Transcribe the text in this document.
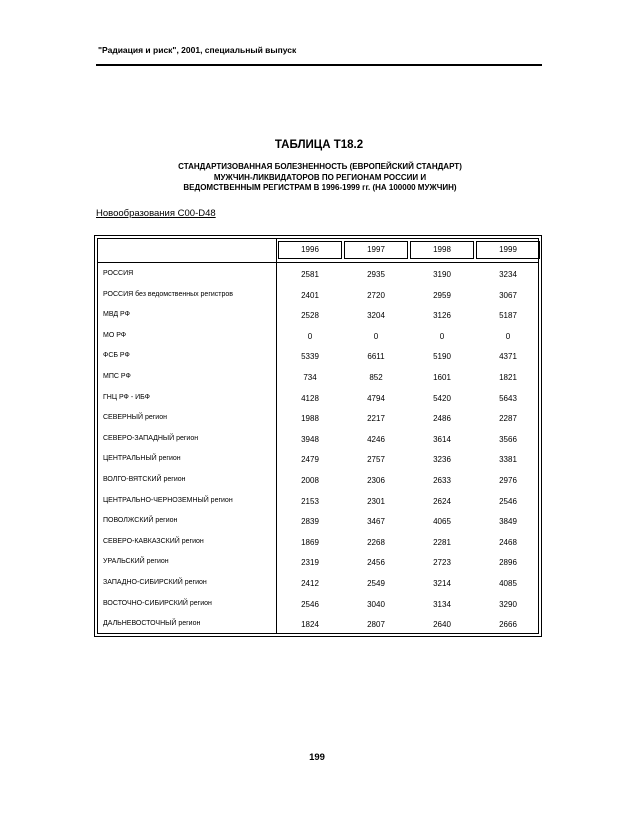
"Радиация и риск", 2001, специальный выпуск
ТАБЛИЦА Т18.2
СТАНДАРТИЗОВАННАЯ БОЛЕЗНЕННОСТЬ (ЕВРОПЕЙСКИЙ СТАНДАРТ)
МУЖЧИН-ЛИКВИДАТОРОВ ПО РЕГИОНАМ РОССИИ И
ВЕДОМСТВЕННЫМ РЕГИСТРАМ В 1996-1999 гг. (НА 100000 МУЖЧИН)
Новообразования С00-D48
1996	1997	1998	1999
РОССИЯ	2581	2935	3190	3234
РОССИЯ без ведомственных регистров	2401	2720	2959	3067
МВД РФ	2528	3204	3126	5187
МО РФ	0	0	0	0
ФСБ РФ	5339	6611	5190	4371
МПС РФ	734	852	1601	1821
ГНЦ РФ - ИБФ	4128	4794	5420	5643
СЕВЕРНЫЙ регион	1988	2217	2486	2287
СЕВЕРО-ЗАПАДНЫЙ регион	3948	4246	3614	3566
ЦЕНТРАЛЬНЫЙ регион	2479	2757	3236	3381
ВОЛГО-ВЯТСКИЙ регион	2008	2306	2633	2976
ЦЕНТРАЛЬНО-ЧЕРНОЗЕМНЫЙ регион	2153	2301	2624	2546
ПОВОЛЖСКИЙ регион	2839	3467	4065	3849
СЕВЕРО-КАВКАЗСКИЙ регион	1869	2268	2281	2468
УРАЛЬСКИЙ регион	2319	2456	2723	2896
ЗАПАДНО-СИБИРСКИЙ регион	2412	2549	3214	4085
ВОСТОЧНО-СИБИРСКИЙ регион	2546	3040	3134	3290
ДАЛЬНЕВОСТОЧНЫЙ регион	1824	2807	2640	2666
199
